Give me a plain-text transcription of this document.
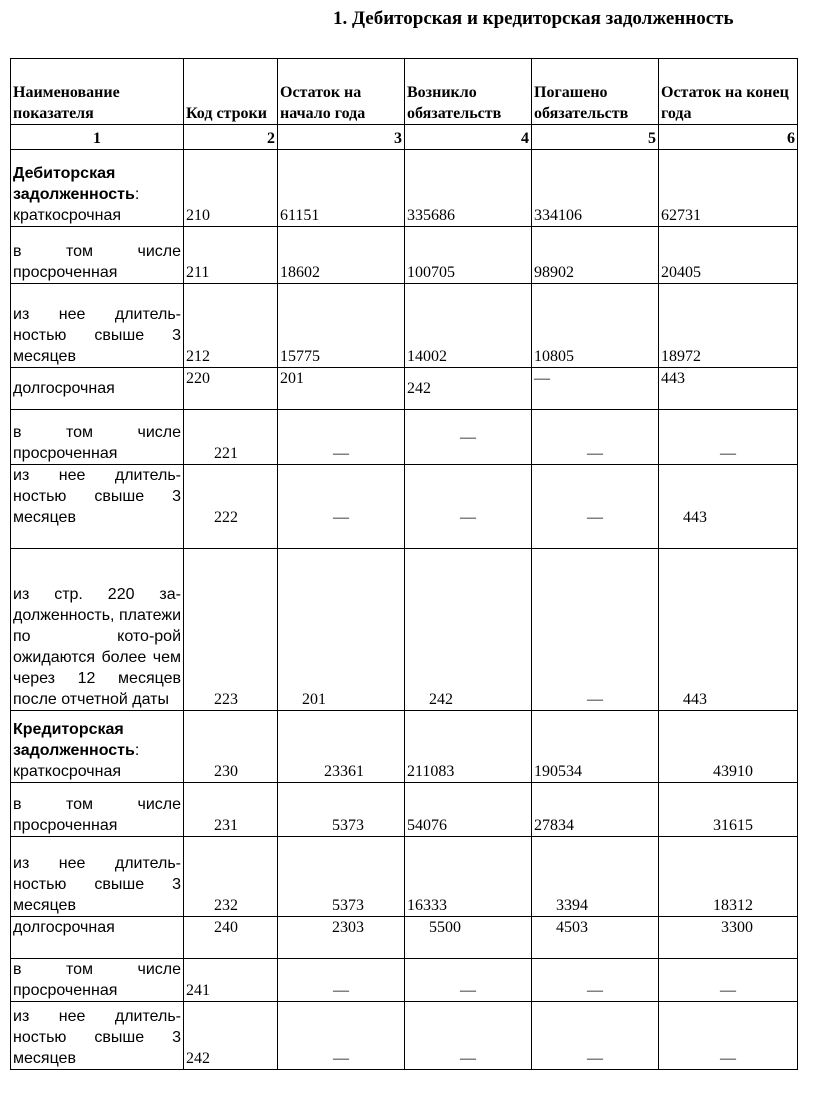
1. Дебиторская и кредиторская задолженность
Наименование показателя	Код строки	Остаток на начало года	Возникло обязательств	Погашено обязательств	Остаток на конец года
1	2	3	4	5	6
Дебиторская задолженность:
краткосрочная	210	61151	335686	334106	62731
в том числе просроченная	211	18602	100705	98902	20405
из нее длитель-ностью свыше 3 месяцев	212	15775	14002	10805	18972
долгосрочная	220	201	242	—	443
в том числе просроченная	221	—	—	—	—
из нее длитель-ностью свыше 3 месяцев	222	—	—	—	443
из стр. 220 за-долженность, платежи по кото-рой ожидаются более чем через 12 месяцев после отчетной даты	223	201	242	—	443
Кредиторская задолженность:
краткосрочная	230	23361	211083	190534	43910
в том числе просроченная	231	5373	54076	27834	31615
из нее длитель-ностью свыше 3 месяцев	232	5373	16333	3394	18312
долгосрочная	240	2303	5500	4503	3300
в том числе просроченная	241	—	—	—	—
из нее длитель-ностью свыше 3 месяцев	242	—	—	—	—
